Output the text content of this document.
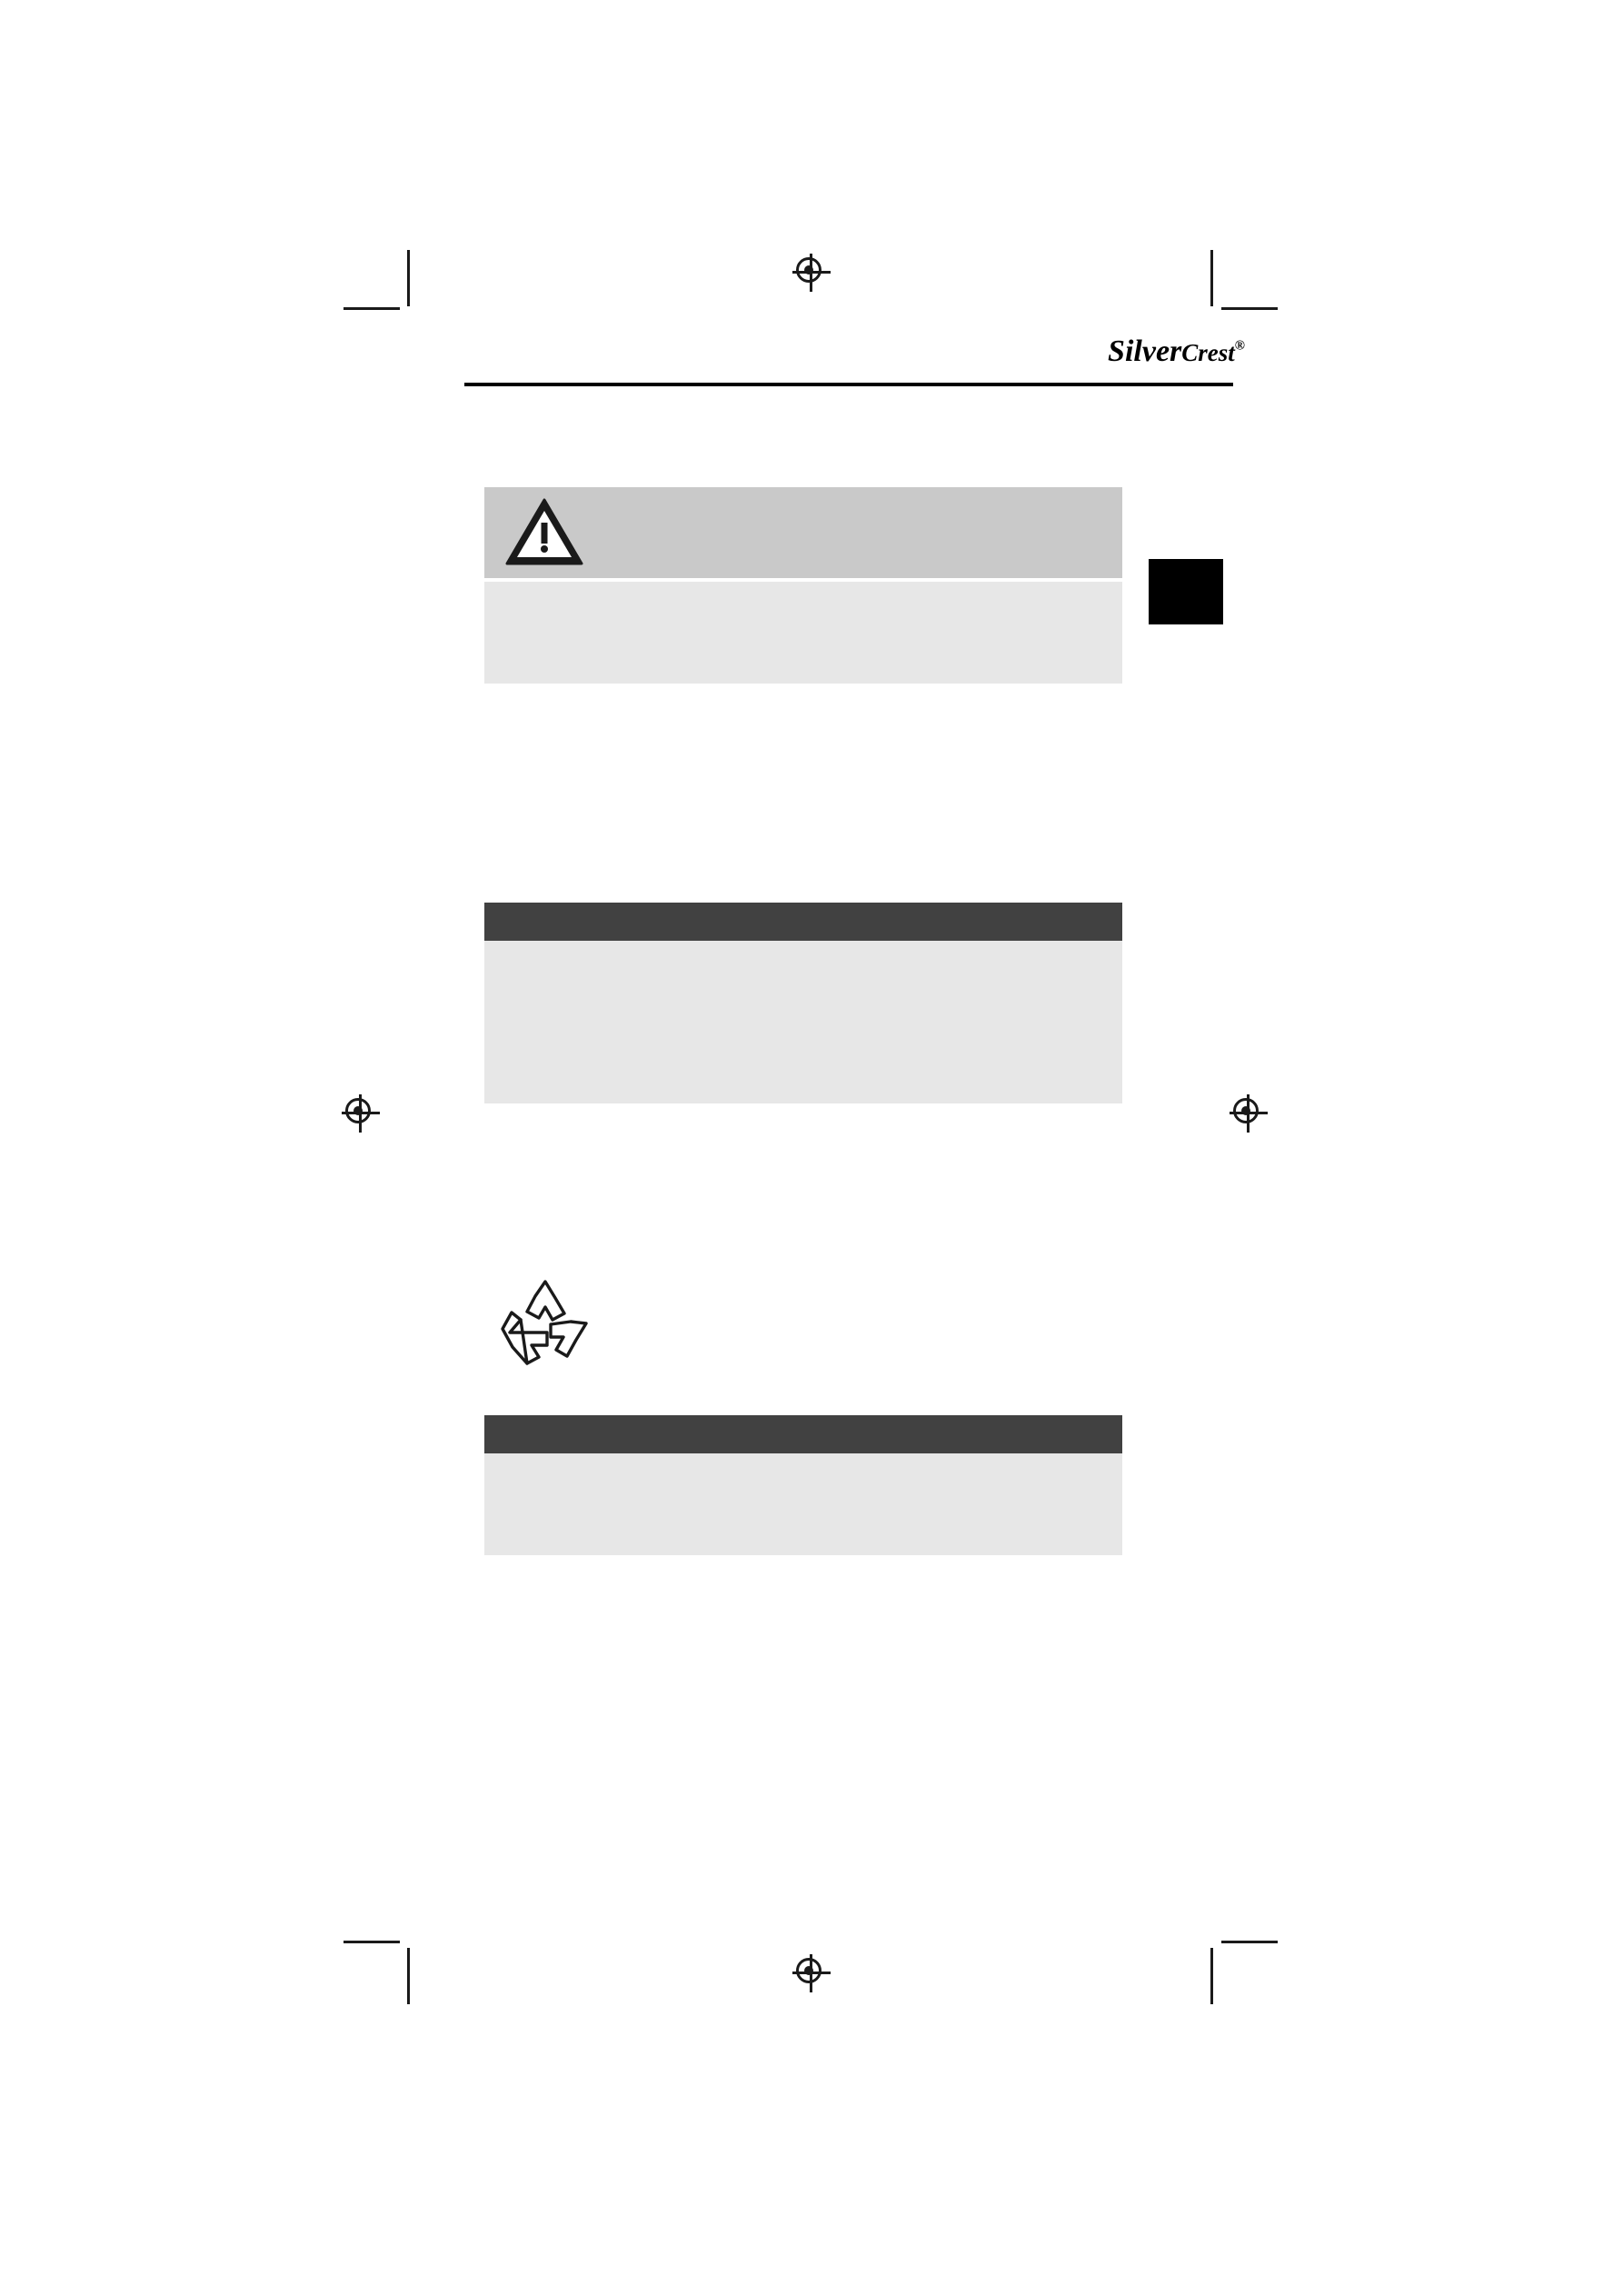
SilverCrest®
